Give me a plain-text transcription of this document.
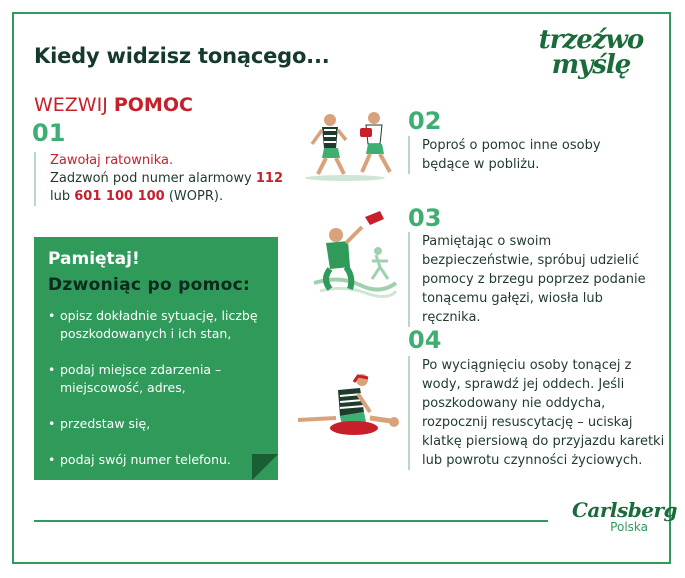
Kiedy widzisz tonącego...
trzeźwo
myślę
WEZWIJ POMOC
01
Zawołaj ratownika.
Zadzwoń pod numer alarmowy 112
lub 601 100 100 (WOPR).
Pamiętaj!
Dzwoniąc po pomoc:
• opisz dokładnie sytuację, liczbę poszkodowanych i ich stan,
• podaj miejsce zdarzenia – miejscowość, adres,
• przedstaw się,
• podaj swój numer telefonu.
02
Poproś o pomoc inne osoby będące w pobliżu.
03
Pamiętając o swoim bezpieczeństwie, spróbuj udzielić pomocy z brzegu poprzez podanie tonącemu gałęzi, wiosła lub ręcznika.
04
Po wyciągnięciu osoby tonącej z wody, sprawdź jej oddech. Jeśli poszkodowany nie oddycha, rozpocznij resuscytację – uciskaj klatkę piersiową do przyjazdu karetki lub powrotu czynności życiowych.
Carlsberg
Polska
